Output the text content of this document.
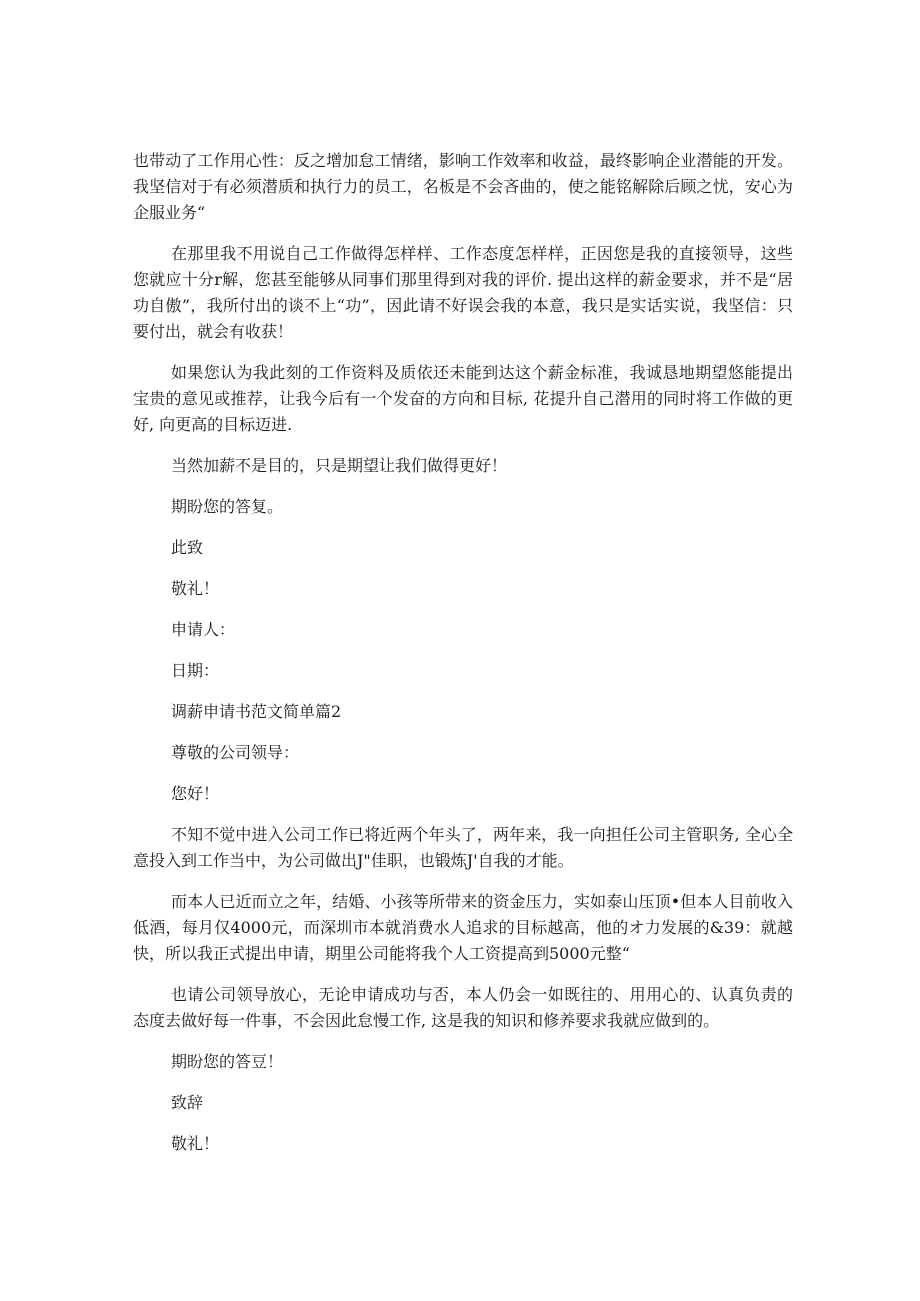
也带动了工作用心性：反之增加怠工情绪，影响工作效率和收益，最终影响企业潜能的开发。我坚信对于有必须潜质和执行力的员工，名板是不会吝曲的，使之能铭解除后顾之忧，安心为企服业务“

在那里我不用说自己工作做得怎样样、工作态度怎样样，正因您是我的直接领导，这些您就应十分r解，您甚至能够从同事们那里得到对我的评价. 提出这样的薪金要求，并不是“居功自傲”，我所付出的谈不上“功”，因此请不好误会我的本意，我只是实话实说，我坚信：只要付出，就会有收获！

如果您认为我此刻的工作资料及质依还未能到达这个薪金标准，我诚恳地期望悠能提出宝贵的意见或推荐，让我今后有一个发奋的方向和目标, 花提升自己潜用的同时将工作做的更好, 向更高的目标迈进.

当然加薪不是目的，只是期望让我们做得更好！

期盼您的答复。

此致

敬礼！

申请人：

日期：

调薪申请书范文简单篇2

尊敬的公司领导：

您好！

不知不觉中进入公司工作已将近两个年头了，两年来，我一向担任公司主管职务, 全心全意投入到工作当中，为公司做出J"佳职，也锻炼J'自我的才能。

而本人已近而立之年，结婚、小孩等所带来的资金压力，实如泰山压顶•但本人目前收入低酒，每月仅4000元，而深圳市本就消费水人追求的目标越高，他的オ力发展的&39：就越快，所以我正式提出申请，期里公司能将我个人工资提高到5000元整“

也请公司领导放心，无论申请成功与否，本人仍会一如既往的、用用心的、认真负责的态度去做好每一件事，不会因此怠慢工作, 这是我的知识和修养要求我就应做到的。

期盼您的答豆！

致辞

敬礼！
